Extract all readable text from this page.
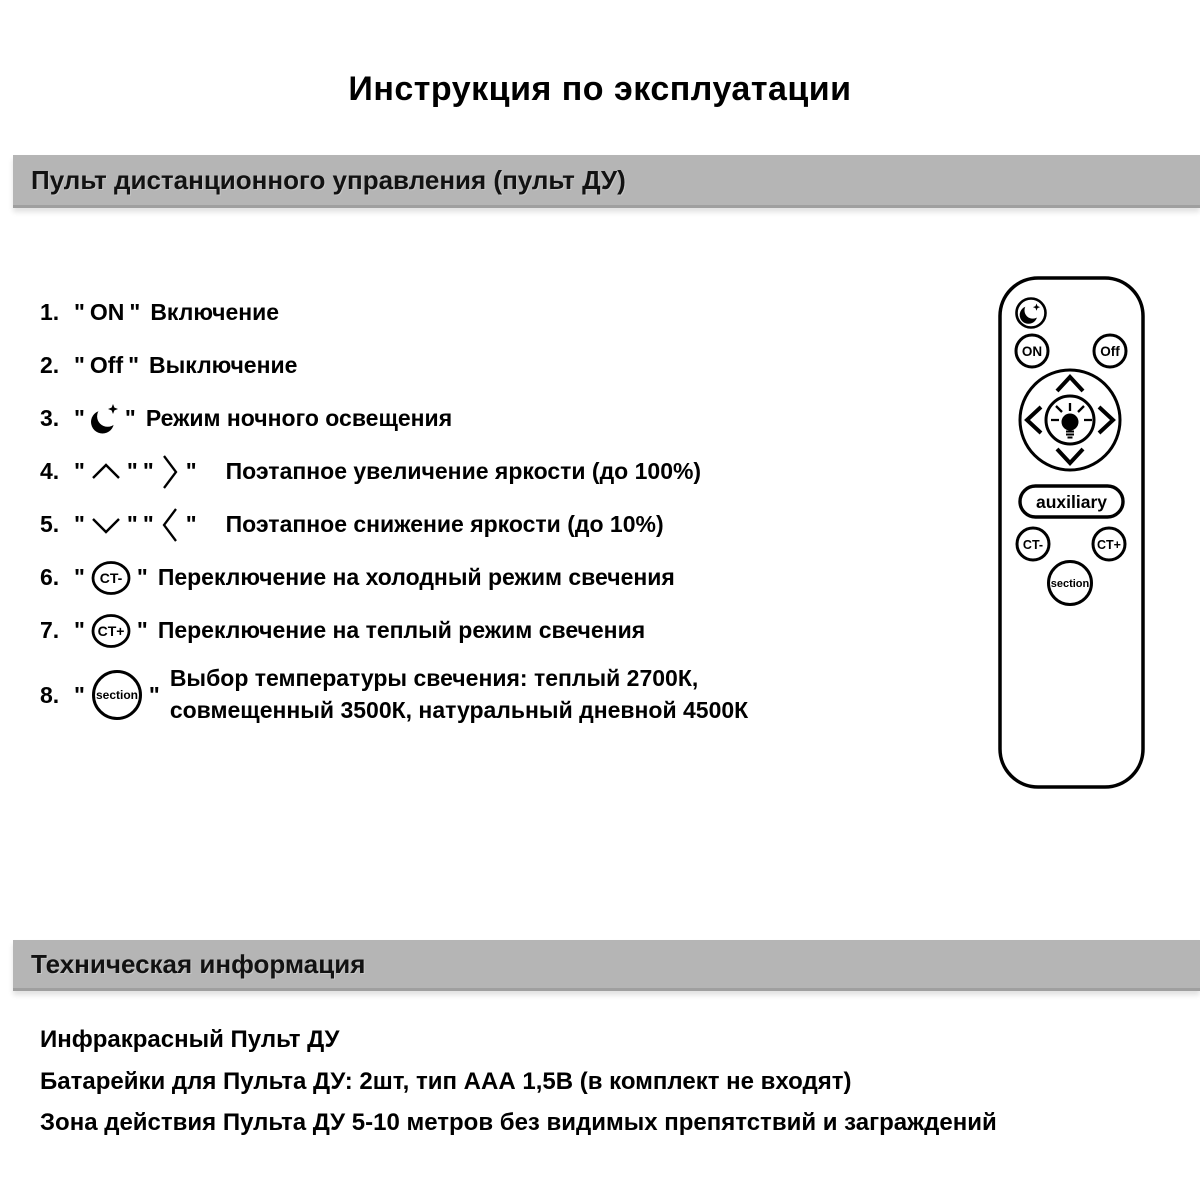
Инструкция по эксплуатации
Пульт дистанционного управления (пульт ДУ)
1. " ON " Включение
2. " Off " Выключение
3. " " Режим ночного освещения
4. " " " " Поэтапное увеличение яркости (до 100%)
5. " " " " Поэтапное снижение яркости (до 10%)
6. " CT- " Переключение на холодный режим свечения
7. " CT+ " Переключение на теплый режим свечения
8. " section "
Выбор температуры свечения: теплый 2700К,
совмещенный 3500К, натуральный дневной 4500К
ON	Off
auxiliary
CT-	CT+
section
Техническая информация

Инфракрасный Пульт ДУ

Батарейки для Пульта ДУ: 2шт, тип ААА 1,5В (в комплект не входят)

Зона действия Пульта ДУ 5-10 метров без видимых препятствий и заграждений
